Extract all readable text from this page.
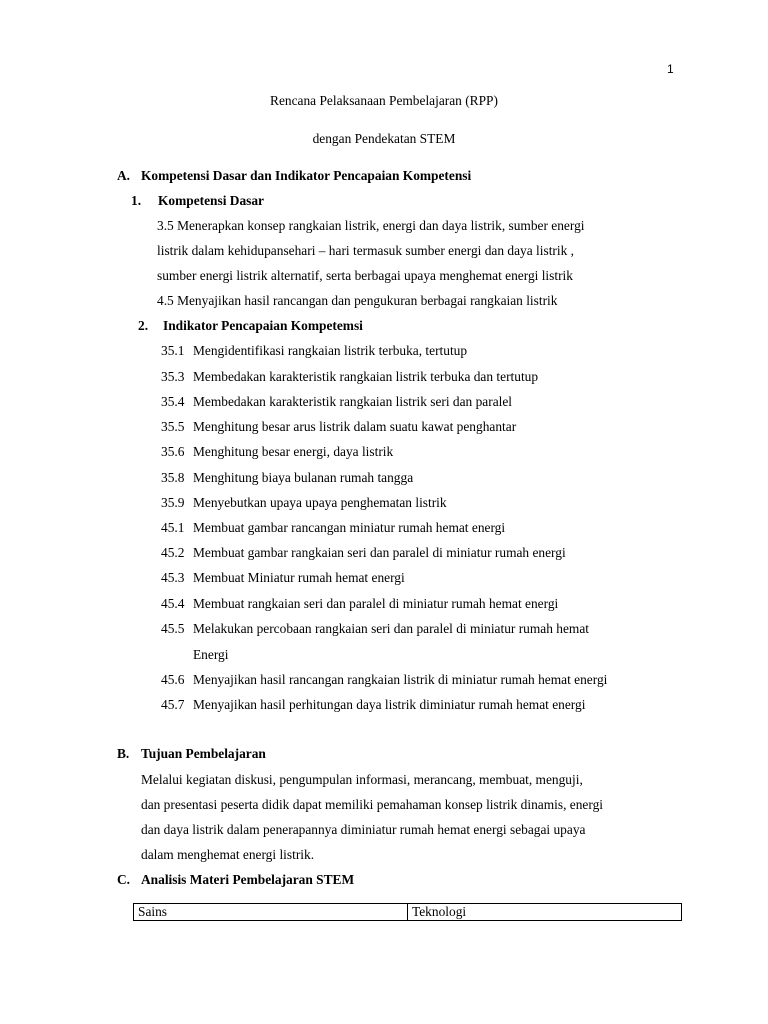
1
Rencana Pelaksanaan Pembelajaran (RPP)
dengan Pendekatan STEM
A. Kompetensi Dasar dan Indikator Pencapaian Kompetensi
1. Kompetensi Dasar
3.5 Menerapkan konsep rangkaian listrik, energi dan daya listrik, sumber energi
listrik dalam kehidupansehari – hari termasuk sumber energi dan daya listrik ,
sumber energi listrik alternatif, serta berbagai upaya menghemat energi listrik
4.5 Menyajikan hasil rancangan dan pengukuran berbagai rangkaian listrik
2. Indikator Pencapaian Kompetemsi
35.1 Mengidentifikasi rangkaian listrik terbuka, tertutup
35.3 Membedakan karakteristik rangkaian listrik terbuka dan tertutup
35.4 Membedakan karakteristik rangkaian listrik seri dan paralel
35.5 Menghitung besar arus listrik dalam suatu kawat penghantar
35.6 Menghitung besar energi, daya listrik
35.8 Menghitung biaya bulanan rumah tangga
35.9 Menyebutkan upaya upaya penghematan listrik
45.1 Membuat gambar rancangan miniatur rumah hemat energi
45.2 Membuat gambar rangkaian seri dan paralel di miniatur rumah energi
45.3 Membuat Miniatur rumah hemat energi
45.4 Membuat rangkaian seri dan paralel di miniatur rumah hemat energi
45.5 Melakukan percobaan rangkaian seri dan paralel di miniatur rumah hemat
Energi
45.6 Menyajikan hasil rancangan rangkaian listrik di miniatur rumah hemat energi
45.7 Menyajikan hasil perhitungan daya listrik diminiatur rumah hemat energi
B. Tujuan Pembelajaran
Melalui kegiatan diskusi, pengumpulan informasi, merancang, membuat, menguji,
dan presentasi peserta didik dapat memiliki pemahaman konsep listrik dinamis, energi
dan daya listrik dalam penerapannya diminiatur rumah hemat energi sebagai upaya
dalam menghemat energi listrik.
C. Analisis Materi Pembelajaran STEM
Sains	Teknologi
